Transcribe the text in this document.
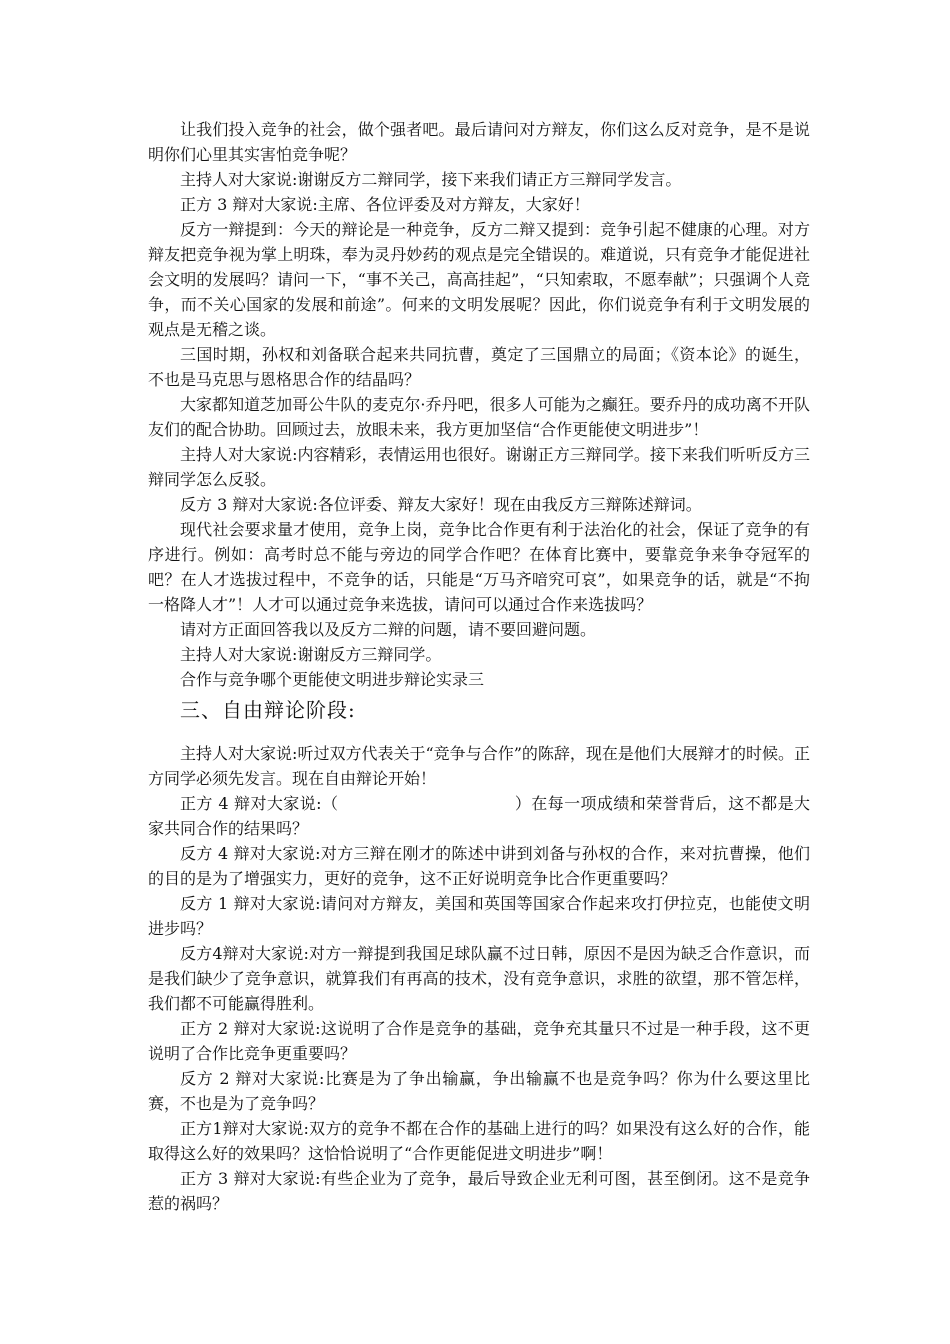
让我们投入竞争的社会，做个强者吧。最后请问对方辩友，你们这么反对竞争，是不是说明你们心里其实害怕竞争呢？

主持人对大家说:谢谢反方二辩同学，接下来我们请正方三辩同学发言。

正方 3 辩对大家说:主席、各位评委及对方辩友，大家好！

反方一辩提到：今天的辩论是一种竞争，反方二辩又提到：竞争引起不健康的心理。对方辩友把竞争视为掌上明珠，奉为灵丹妙药的观点是完全错误的。难道说，只有竞争才能促进社会文明的发展吗？请问一下，“事不关己，高高挂起”，“只知索取，不愿奉献”；只强调个人竞争，而不关心国家的发展和前途”。何来的文明发展呢？因此，你们说竞争有利于文明发展的观点是无稽之谈。

三国时期，孙权和刘备联合起来共同抗曹，奠定了三国鼎立的局面；《资本论》的诞生，不也是马克思与恩格思合作的结晶吗？

大家都知道芝加哥公牛队的麦克尔·乔丹吧，很多人可能为之癫狂。要乔丹的成功离不开队友们的配合协助。回顾过去，放眼未来，我方更加坚信“合作更能使文明进步”！

主持人对大家说:内容精彩，表情运用也很好。谢谢正方三辩同学。接下来我们听听反方三辩同学怎么反驳。

反方 3 辩对大家说:各位评委、辩友大家好！现在由我反方三辩陈述辩词。

现代社会要求量才使用，竞争上岗，竞争比合作更有利于法治化的社会，保证了竞争的有序进行。例如：高考时总不能与旁边的同学合作吧？在体育比赛中，要靠竞争来争夺冠军的吧？在人才选拔过程中，不竞争的话，只能是“万马齐喑究可哀”，如果竞争的话，就是“不拘一格降人才”！人才可以通过竞争来选拔，请问可以通过合作来选拔吗？

请对方正面回答我以及反方二辩的问题，请不要回避问题。

主持人对大家说:谢谢反方三辩同学。

合作与竞争哪个更能使文明进步辩论实录三

三、自由辩论阶段:

主持人对大家说:听过双方代表关于“竞争与合作”的陈辞，现在是他们大展辩才的时候。正方同学必须先发言。现在自由辩论开始！

正方 4 辩对大家说:（	）在每一项成绩和荣誉背后，这不都是大家共同合作的结果吗？

反方 4 辩对大家说:对方三辩在刚才的陈述中讲到刘备与孙权的合作，来对抗曹操，他们的目的是为了增强实力，更好的竞争，这不正好说明竞争比合作更重要吗？

反方 1 辩对大家说:请问对方辩友，美国和英国等国家合作起来攻打伊拉克，也能使文明进步吗？

反方4辩对大家说:对方一辩提到我国足球队赢不过日韩，原因不是因为缺乏合作意识，而是我们缺少了竞争意识，就算我们有再高的技术，没有竞争意识，求胜的欲望，那不管怎样，我们都不可能赢得胜利。

正方 2 辩对大家说:这说明了合作是竞争的基础，竞争充其量只不过是一种手段，这不更说明了合作比竞争更重要吗？

反方 2 辩对大家说:比赛是为了争出输赢，争出输赢不也是竞争吗？你为什么要这里比赛，不也是为了竞争吗？

正方1辩对大家说:双方的竞争不都在合作的基础上进行的吗？如果没有这么好的合作，能取得这么好的效果吗？这恰恰说明了“合作更能促进文明进步”啊！

正方 3 辩对大家说:有些企业为了竞争，最后导致企业无利可图，甚至倒闭。这不是竞争惹的祸吗？
